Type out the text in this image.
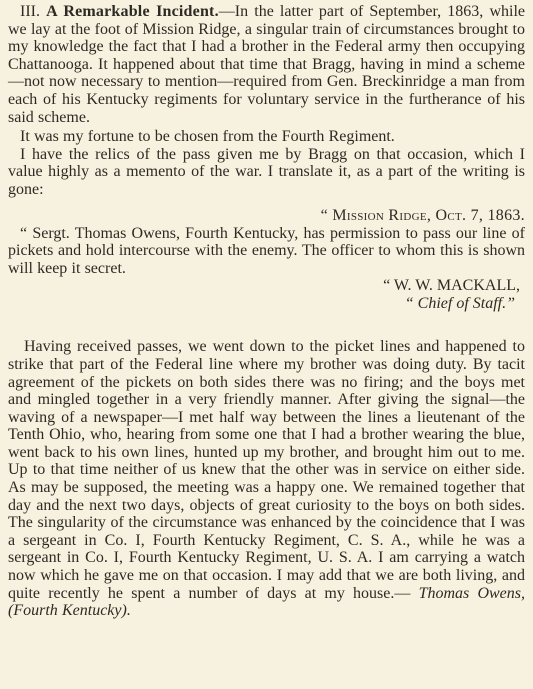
III. A Remarkable Incident.—In the latter part of September, 1863, while we lay at the foot of Mission Ridge, a singular train of circumstances brought to my knowledge the fact that I had a brother in the Federal army then occupying Chattanooga. It happened about that time that Bragg, having in mind a scheme—not now necessary to mention—required from Gen. Breckinridge a man from each of his Kentucky regiments for voluntary service in the furtherance of his said scheme.

It was my fortune to be chosen from the Fourth Regiment.

I have the relics of the pass given me by Bragg on that occasion, which I value highly as a memento of the war. I translate it, as a part of the writing is gone:

“ Mission Ridge, Oct. 7, 1863.

“ Sergt. Thomas Owens, Fourth Kentucky, has permission to pass our line of pickets and hold intercourse with the enemy. The officer to whom this is shown will keep it secret.

“ W. W. MACKALL,

“ Chief of Staff.”

Having received passes, we went down to the picket lines and happened to strike that part of the Federal line where my brother was doing duty. By tacit agreement of the pickets on both sides there was no firing; and the boys met and mingled together in a very friendly manner. After giving the signal—the waving of a newspaper—I met half way between the lines a lieutenant of the Tenth Ohio, who, hearing from some one that I had a brother wearing the blue, went back to his own lines, hunted up my brother, and brought him out to me. Up to that time neither of us knew that the other was in service on either side. As may be supposed, the meeting was a happy one. We remained together that day and the next two days, objects of great curiosity to the boys on both sides. The singularity of the circumstance was enhanced by the coincidence that I was a sergeant in Co. I, Fourth Kentucky Regiment, C. S. A., while he was a sergeant in Co. I, Fourth Kentucky Regiment, U. S. A. I am carrying a watch now which he gave me on that occasion. I may add that we are both living, and quite recently he spent a number of days at my house.— Thomas Owens, (Fourth Kentucky).
